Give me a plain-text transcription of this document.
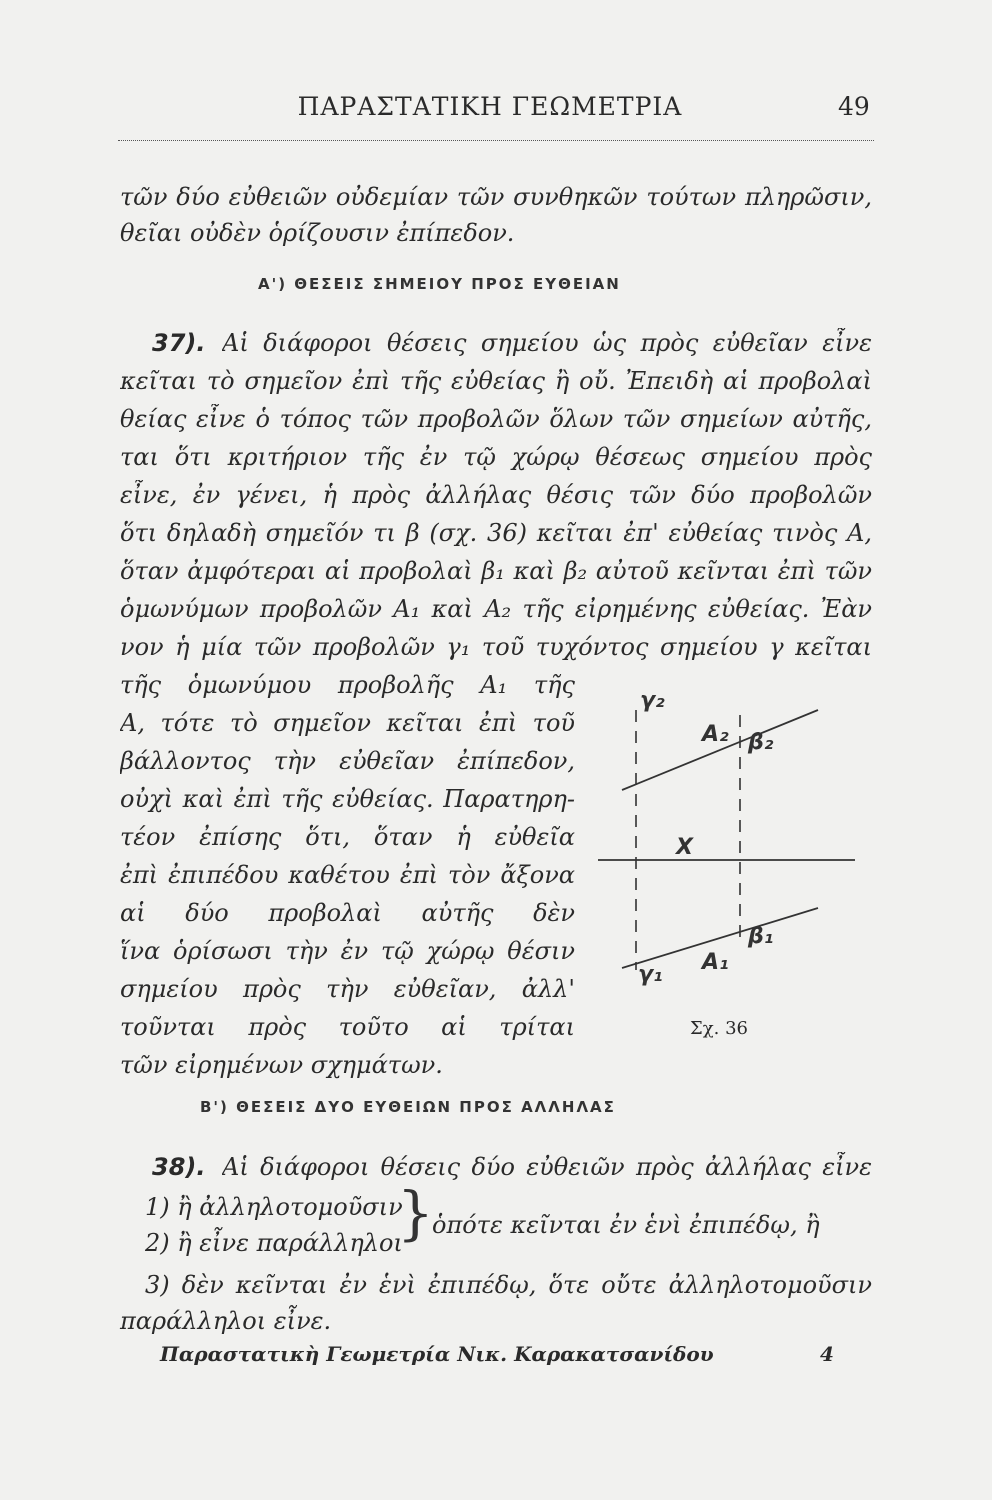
ΠΑΡΑΣΤΑΤΙΚΗ ΓΕΩΜΕΤΡΙΑ	49
τῶν δύο εὐθειῶν οὐδεμίαν τῶν συνθηκῶν τούτων πληρῶσιν,
θεῖαι οὐδὲν ὁρίζουσιν ἐπίπεδον.
Α') ΘΕΣΕΙΣ ΣΗΜΕΙΟΥ ΠΡΟΣ ΕΥΘΕΙΑΝ
37). Αἱ διάφοροι θέσεις σημείου ὡς πρὸς εὐθεῖαν εἶνε
κεῖται τὸ σημεῖον ἐπὶ τῆς εὐθείας ἢ οὔ. Ἐπειδὴ αἱ προβολαὶ
θείας εἶνε ὁ τόπος τῶν προβολῶν ὅλων τῶν σημείων αὐτῆς,
ται ὅτι κριτήριον τῆς ἐν τῷ χώρῳ θέσεως σημείου πρὸς
εἶνε, ἐν γένει, ἡ πρὸς ἀλλήλας θέσις τῶν δύο προβολῶν
ὅτι δηλαδὴ σημεῖόν τι β (σχ. 36) κεῖται ἐπ' εὐθείας τινὸς Α,
ὅταν ἀμφότεραι αἱ προβολαὶ β₁ καὶ β₂ αὐτοῦ κεῖνται ἐπὶ τῶν
ὁμωνύμων προβολῶν Α₁ καὶ Α₂ τῆς εἰρημένης εὐθείας. Ἐὰν
νον ἡ μία τῶν προβολῶν γ₁ τοῦ τυχόντος σημείου γ κεῖται
τῆς ὁμωνύμου προβολῆς Α₁ τῆς
Α, τότε τὸ σημεῖον κεῖται ἐπὶ τοῦ
βάλλοντος τὴν εὐθεῖαν ἐπίπεδον,
οὐχὶ καὶ ἐπὶ τῆς εὐθείας. Παρατηρη-
τέον ἐπίσης ὅτι, ὅταν ἡ εὐθεῖα
ἐπὶ ἐπιπέδου καθέτου ἐπὶ τὸν ἄξονα
αἱ δύο προβολαὶ αὐτῆς δὲν
ἵνα ὁρίσωσι τὴν ἐν τῷ χώρῳ θέσιν
σημείου πρὸς τὴν εὐθεῖαν, ἀλλ'
τοῦνται πρὸς τοῦτο αἱ τρίται
τῶν εἰρημένων σχημάτων.
γ₂
A₂ β₂
X
β₁
A₁
γ₁
Σχ. 36
Β') ΘΕΣΕΙΣ ΔΥΟ ΕΥΘΕΙΩΝ ΠΡΟΣ ΑΛΛΗΛΑΣ
38). Αἱ διάφοροι θέσεις δύο εὐθειῶν πρὸς ἀλλήλας εἶνε
1) ἢ ἀλληλοτομοῦσιν
2) ἢ εἶνε παράλληλοι
}
ὁπότε κεῖνται ἐν ἑνὶ ἐπιπέδῳ, ἢ
3) δὲν κεῖνται ἐν ἑνὶ ἐπιπέδῳ, ὅτε οὔτε ἀλληλοτομοῦσιν
παράλληλοι εἶνε.
Παραστατικὴ Γεωμετρία Νικ. Καρακατσανίδου	4
